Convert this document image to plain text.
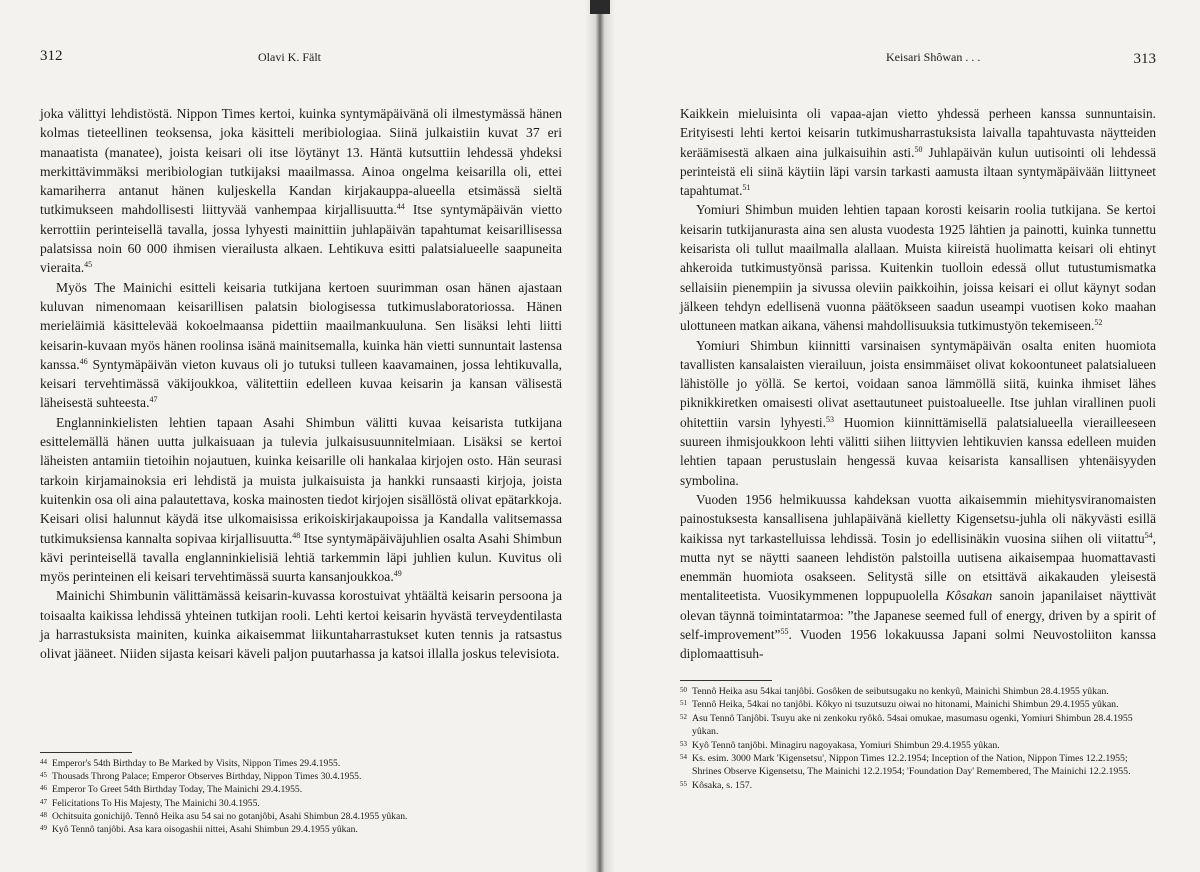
312	Olavi K. Fält

joka välittyi lehdistöstä. Nippon Times kertoi, kuinka syntymäpäivänä oli ilmestymässä hänen kolmas tieteellinen teoksensa, joka käsitteli meribiologiaa. Siinä julkaistiin kuvat 37 eri manaatista (manatee), joista keisari oli itse löytänyt 13. Häntä kutsuttiin lehdessä yhdeksi merkittävimmäksi meribiologian tutkijaksi maailmassa. Ainoa ongelma keisarilla oli, ettei kamariherra antanut hänen kuljeskella Kandan kirjakauppa-alueella etsimässä sieltä tutkimukseen mahdollisesti liittyvää vanhempaa kirjallisuutta.$^{44}$ Itse syntymäpäivän vietto kerrottiin perinteisellä tavalla, jossa lyhyesti mainittiin juhlapäivän tapahtumat keisarillisessa palatsissa noin 60 000 ihmisen vierailusta alkaen. Lehtikuva esitti palatsialueelle saapuneita vieraita.$^{45}$

Myös The Mainichi esitteli keisaria tutkijana kertoen suurimman osan hänen ajastaan kuluvan nimenomaan keisarillisen palatsin biologisessa tutkimuslaboratoriossa. Hänen merieläimiä käsittelevää kokoelmaansa pidettiin maailmankuuluna. Sen lisäksi lehti liitti keisarin-kuvaan myös hänen roolinsa isänä mainitsemalla, kuinka hän vietti sunnuntait lastensa kanssa.$^{46}$ Syntymäpäivän vieton kuvaus oli jo tutuksi tulleen kaavamainen, jossa lehtikuvalla, keisari tervehtimässä väkijoukkoa, välitettiin edelleen kuvaa keisarin ja kansan välisestä läheisestä suhteesta.$^{47}$

Englanninkielisten lehtien tapaan Asahi Shimbun välitti kuvaa keisarista tutkijana esittelemällä hänen uutta julkaisuaan ja tulevia julkaisusuunnitelmiaan. Lisäksi se kertoi läheisten antamiin tietoihin nojautuen, kuinka keisarille oli hankalaa kirjojen osto. Hän seurasi tarkoin kirjamainoksia eri lehdistä ja muista julkaisuista ja hankki runsaasti kirjoja, joista kuitenkin osa oli aina palautettava, koska mainosten tiedot kirjojen sisällöstä olivat epätarkkoja. Keisari olisi halunnut käydä itse ulkomaisissa erikoiskirjakaupoissa ja Kandalla valitsemassa tutkimuksiensa kannalta sopivaa kirjallisuutta.$^{48}$ Itse syntymäpäiväjuhlien osalta Asahi Shimbun kävi perinteisellä tavalla englanninkielisiä lehtiä tarkemmin läpi juhlien kulun. Kuvitus oli myös perinteinen eli keisari tervehtimässä suurta kansanjoukkoa.$^{49}$

Mainichi Shimbunin välittämässä keisarin-kuvassa korostuivat yhtäältä keisarin persoona ja toisaalta kaikissa lehdissä yhteinen tutkijan rooli. Lehti kertoi keisarin hyvästä terveydentilasta ja harrastuksista mainiten, kuinka aikaisemmat liikuntaharrastukset kuten tennis ja ratsastus olivat jääneet. Niiden sijasta keisari käveli paljon puutarhassa ja katsoi illalla joskus televisiota.

44 Emperor's 54th Birthday to Be Marked by Visits, Nippon Times 29.4.1955.
45 Thousads Throng Palace; Emperor Observes Birthday, Nippon Times 30.4.1955.
46 Emperor To Greet 54th Birthday Today, The Mainichi 29.4.1955.
47 Felicitations To His Majesty, The Mainichi 30.4.1955.
48 Ochitsuita gonichijô. Tennô Heika asu 54 sai no gotanjôbi, Asahi Shimbun 28.4.1955 yûkan.
49 Kyô Tennô tanjôbi. Asa kara oisogashii nittei, Asahi Shimbun 29.4.1955 yûkan.
Keisari Shôwan . . .	313

Kaikkein mieluisinta oli vapaa-ajan vietto yhdessä perheen kanssa sunnuntaisin. Erityisesti lehti kertoi keisarin tutkimusharrastuksista laivalla tapahtuvasta näytteiden keräämisestä alkaen aina julkaisuihin asti.$^{50}$ Juhlapäivän kulun uutisointi oli lehdessä perinteistä eli siinä käytiin läpi varsin tarkasti aamusta iltaan syntymäpäivään liittyneet tapahtumat.$^{51}$

Yomiuri Shimbun muiden lehtien tapaan korosti keisarin roolia tutkijana. Se kertoi keisarin tutkijanurasta aina sen alusta vuodesta 1925 lähtien ja painotti, kuinka tunnettu keisarista oli tullut maailmalla alallaan. Muista kiireistä huolimatta keisari oli ehtinyt ahkeroida tutkimustyönsä parissa. Kuitenkin tuolloin edessä ollut tutustumismatka sellaisiin pienempiin ja sivussa oleviin paikkoihin, joissa keisari ei ollut käynyt sodan jälkeen tehdyn edellisenä vuonna päätökseen saadun useampi vuotisen koko maahan ulottuneen matkan aikana, vähensi mahdollisuuksia tutkimustyön tekemiseen.$^{52}$

Yomiuri Shimbun kiinnitti varsinaisen syntymäpäivän osalta eniten huomiota tavallisten kansalaisten vierailuun, joista ensimmäiset olivat kokoontuneet palatsialueen lähistölle jo yöllä. Se kertoi, voidaan sanoa lämmöllä siitä, kuinka ihmiset lähes piknikkiretken omaisesti olivat asettautuneet puistoalueelle. Itse juhlan virallinen puoli ohitettiin varsin lyhyesti.$^{53}$ Huomion kiinnittämisellä palatsialueella vierailleeseen suureen ihmisjoukkoon lehti välitti siihen liittyvien lehtikuvien kanssa edelleen muiden lehtien tapaan perustuslain hengessä kuvaa keisarista kansallisen yhtenäisyyden symbolina.

Vuoden 1956 helmikuussa kahdeksan vuotta aikaisemmin miehitysviranomaisten painostuksesta kansallisena juhlapäivänä kielletty Kigensetsu-juhla oli näkyvästi esillä kaikissa nyt tarkastelluissa lehdissä. Tosin jo edellisinäkin vuosina siihen oli viitattu$^{54}$, mutta nyt se näytti saaneen lehdistön palstoilla uutisena aikaisempaa huomattavasti enemmän huomiota osakseen. Selitystä sille on etsittävä aikakauden yleisestä mentaliteetista. Vuosikymmenen loppupuolella Kôsakan sanoin japanilaiset näyttivät olevan täynnä toimintatarmoa: ”the Japanese seemed full of energy, driven by a spirit of self-improvement”$^{55}$. Vuoden 1956 lokakuussa Japani solmi Neuvostoliiton kanssa diplomaattisuh-

50 Tennô Heika asu 54kai tanjôbi. Gosôken de seibutsugaku no kenkyû, Mainichi Shimbun 28.4.1955 yûkan.
51 Tennô Heika, 54kai no tanjôbi. Kôkyo ni tsuzutsuzu oiwai no hitonami, Mainichi Shimbun 29.4.1955 yûkan.
52 Asu Tennô Tanjôbi. Tsuyu ake ni zenkoku ryôkô. 54sai omukae, masumasu ogenki, Yomiuri Shimbun 28.4.1955 yûkan.
53 Kyô Tennô tanjôbi. Minagiru nagoyakasa, Yomiuri Shimbun 29.4.1955 yûkan.
54 Ks. esim. 3000 Mark 'Kigensetsu', Nippon Times 12.2.1954; Inception of the Nation, Nippon Times 12.2.1955; Shrines Observe Kigensetsu, The Mainichi 12.2.1954; 'Foundation Day' Remembered, The Mainichi 12.2.1955.
55 Kôsaka, s. 157.
